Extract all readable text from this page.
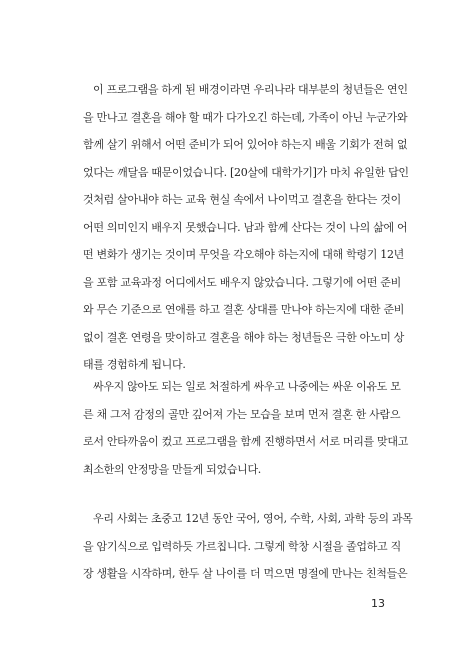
이 프로그램을 하게 된 배경이라면 우리나라 대부분의 청년들은 연인
을 만나고 결혼을 해야 할 때가 다가오긴 하는데, 가족이 아닌 누군가와
함께 살기 위해서 어떤 준비가 되어 있어야 하는지 배울 기회가 전혀 없
었다는 깨달음 때문이었습니다. [20살에 대학가기]가 마치 유일한 답인
것처럼 살아내야 하는 교육 현실 속에서 나이먹고 결혼을 한다는 것이
어떤 의미인지 배우지 못했습니다. 남과 함께 산다는 것이 나의 삶에 어
떤 변화가 생기는 것이며 무엇을 각오해야 하는지에 대해 학령기 12년
을 포함 교육과정 어디에서도 배우지 않았습니다. 그렇기에 어떤 준비
와 무슨 기준으로 연애를 하고 결혼 상대를 만나야 하는지에 대한 준비
없이 결혼 연령을 맞이하고 결혼을 해야 하는 청년들은 극한 아노미 상
태를 경험하게 됩니다.
싸우지 않아도 되는 일로 처절하게 싸우고 나중에는 싸운 이유도 모
른 채 그저 감정의 골만 깊어져 가는 모습을 보며 먼저 결혼 한 사람으
로서 안타까움이 컸고 프로그램을 함께 진행하면서 서로 머리를 맞대고
최소한의 안정망을 만들게 되었습니다.
우리 사회는 초중고 12년 동안 국어, 영어, 수학, 사회, 과학 등의 과목
을 암기식으로 입력하듯 가르칩니다. 그렇게 학창 시절을 졸업하고 직
장 생활을 시작하며, 한두 살 나이를 더 먹으면 명절에 만나는 친척들은
13
